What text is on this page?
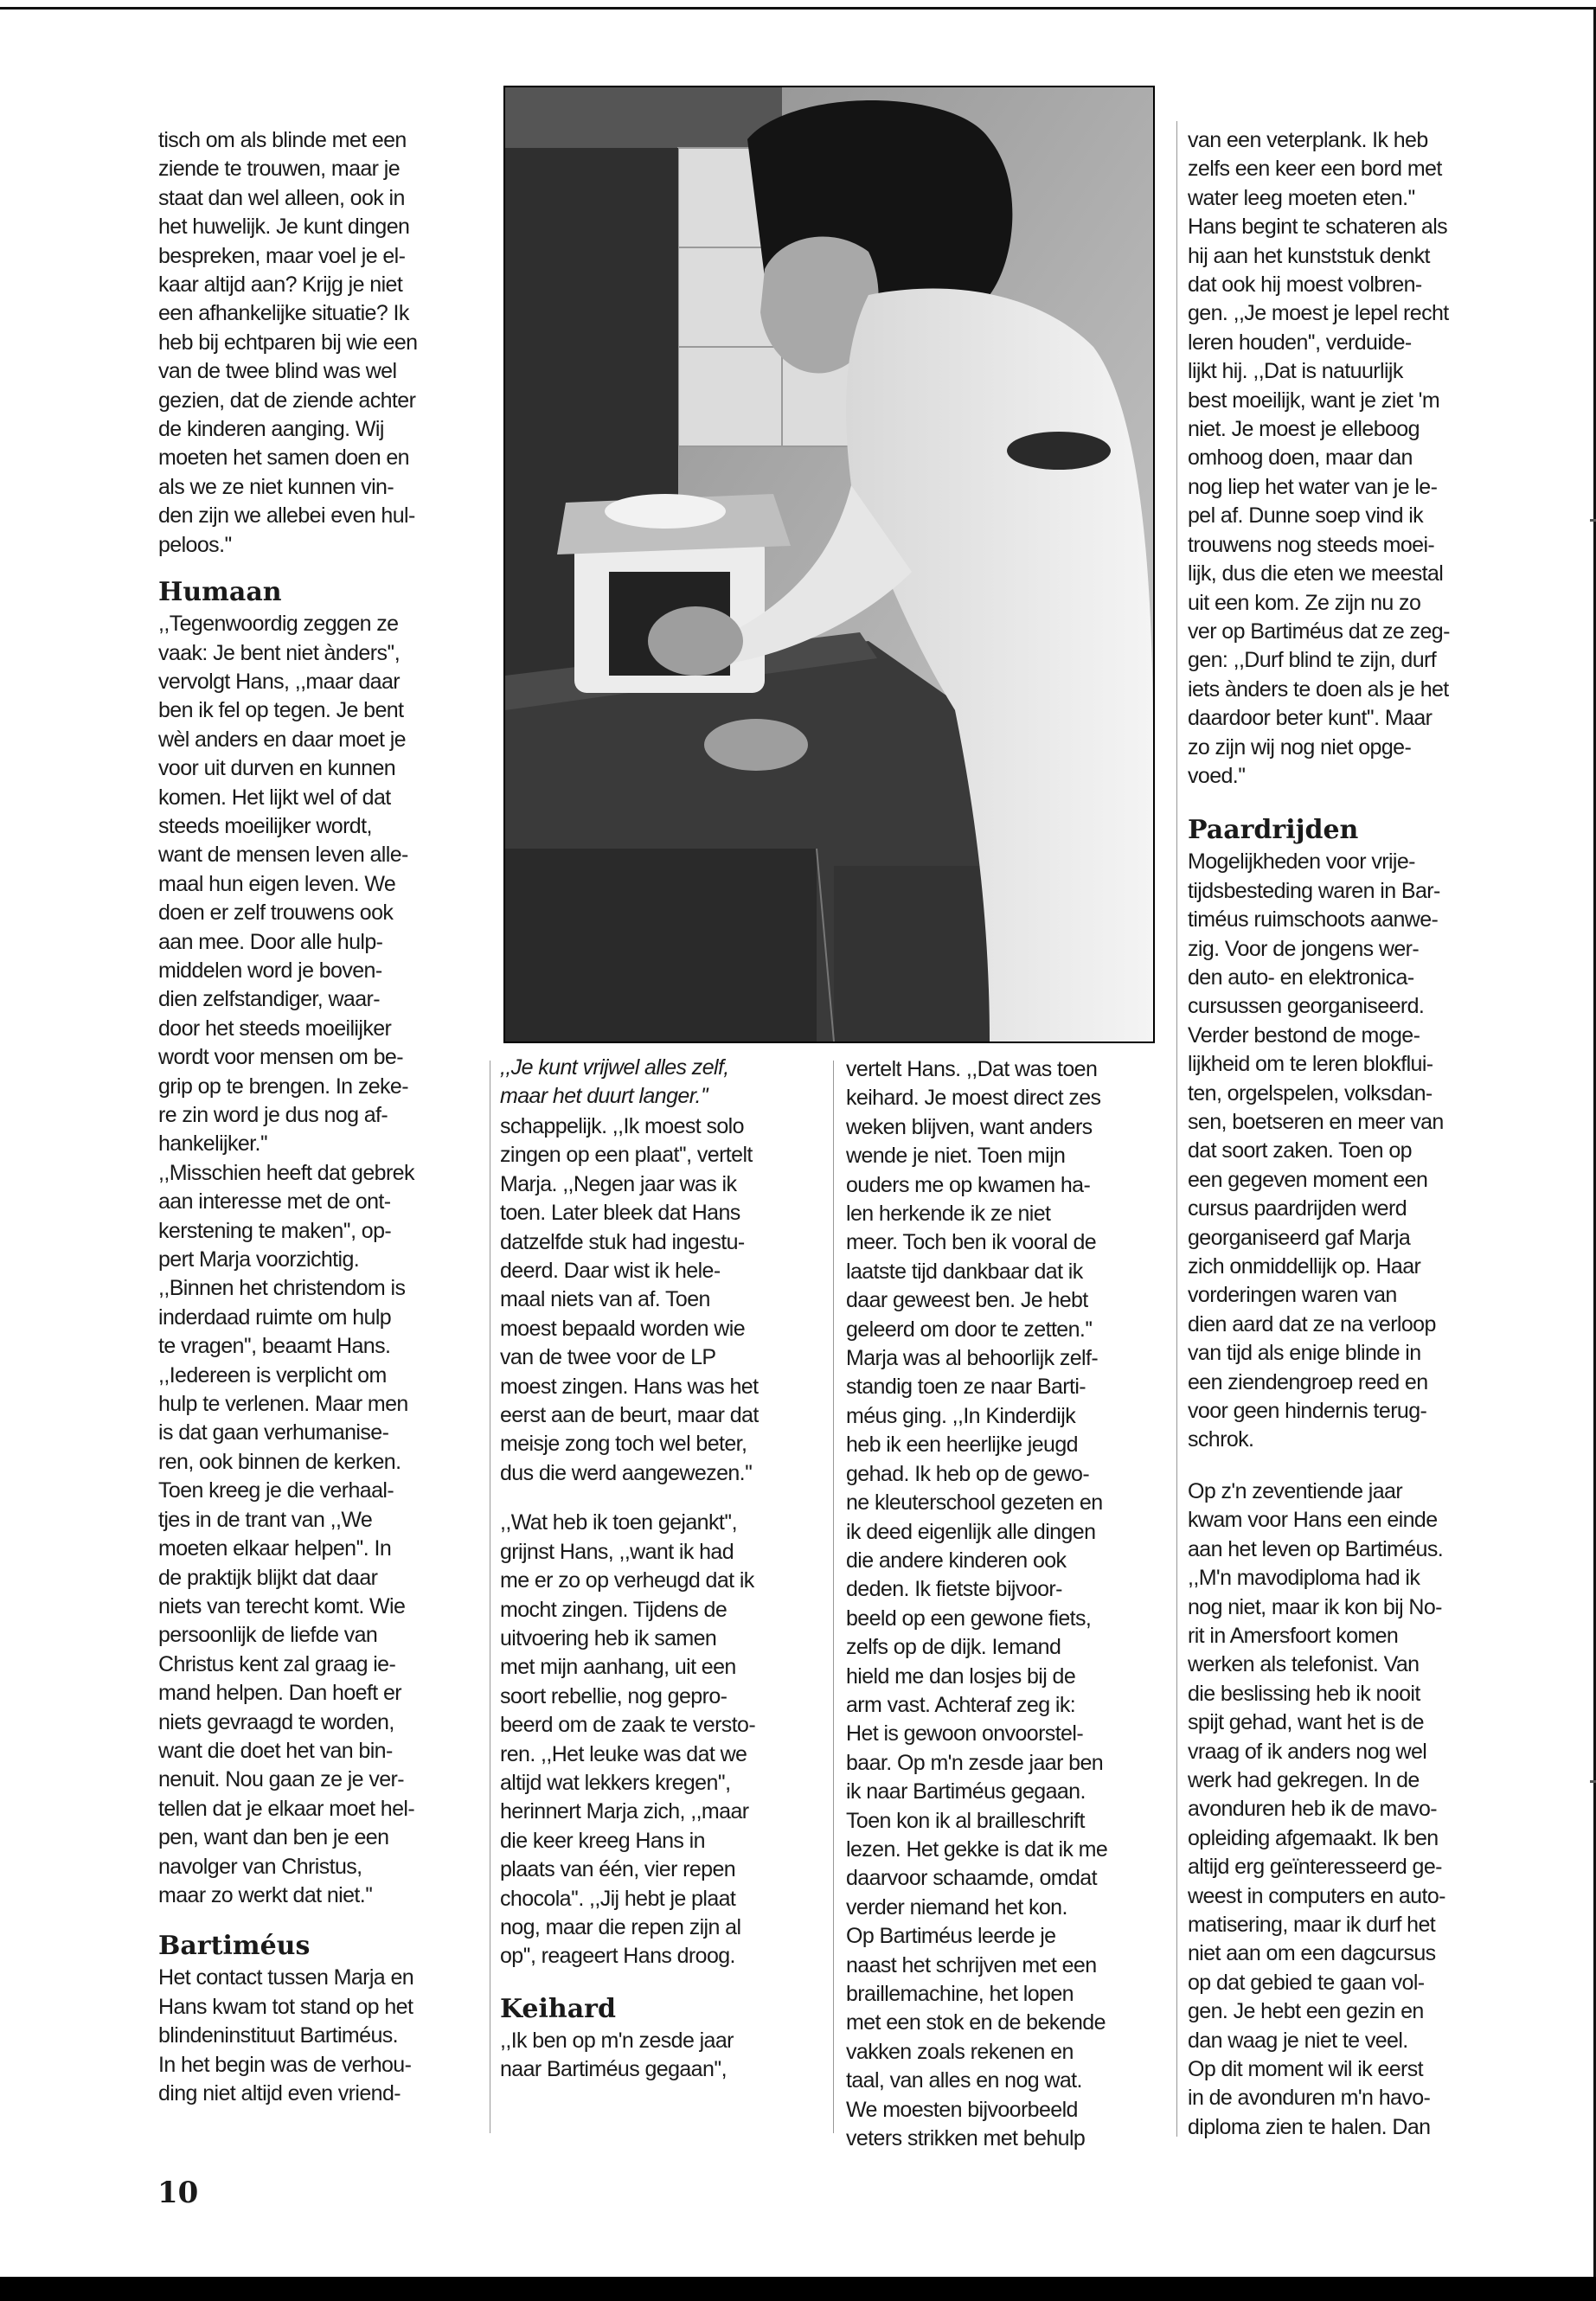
tisch om als blinde met een
ziende te trouwen, maar je
staat dan wel alleen, ook in
het huwelijk. Je kunt dingen
bespreken, maar voel je el-
kaar altijd aan? Krijg je niet
een afhankelijke situatie? Ik
heb bij echtparen bij wie een
van de twee blind was wel
gezien, dat de ziende achter
de kinderen aanging. Wij
moeten het samen doen en
als we ze niet kunnen vin-
den zijn we allebei even hul-
peloos.''

Humaan

,,Tegenwoordig zeggen ze
vaak: Je bent niet ànders'',
vervolgt Hans, ,,maar daar
ben ik fel op tegen. Je bent
wèl anders en daar moet je
voor uit durven en kunnen
komen. Het lijkt wel of dat
steeds moeilijker wordt,
want de mensen leven alle-
maal hun eigen leven. We
doen er zelf trouwens ook
aan mee. Door alle hulp-
middelen word je boven-
dien zelfstandiger, waar-
door het steeds moeilijker
wordt voor mensen om be-
grip op te brengen. In zeke-
re zin word je dus nog af-
hankelijker.''
,,Misschien heeft dat gebrek
aan interesse met de ont-
kerstening te maken'', op-
pert Marja voorzichtig.
,,Binnen het christendom is
inderdaad ruimte om hulp
te vragen'', beaamt Hans.
,,Iedereen is verplicht om
hulp te verlenen. Maar men
is dat gaan verhumanise-
ren, ook binnen de kerken.
Toen kreeg je die verhaal-
tjes in de trant van ,,We
moeten elkaar helpen''. In
de praktijk blijkt dat daar
niets van terecht komt. Wie
persoonlijk de liefde van
Christus kent zal graag ie-
mand helpen. Dan hoeft er
niets gevraagd te worden,
want die doet het van bin-
nenuit. Nou gaan ze je ver-
tellen dat je elkaar moet hel-
pen, want dan ben je een
navolger van Christus,
maar zo werkt dat niet.''

Bartiméus

Het contact tussen Marja en
Hans kwam tot stand op het
blindeninstituut Bartiméus.
In het begin was de verhou-
ding niet altijd even vriend-

,,Je kunt vrijwel alles zelf,
maar het duurt langer.''

schappelijk. ,,Ik moest solo
zingen op een plaat'', vertelt
Marja. ,,Negen jaar was ik
toen. Later bleek dat Hans
datzelfde stuk had ingestu-
deerd. Daar wist ik hele-
maal niets van af. Toen
moest bepaald worden wie
van de twee voor de LP
moest zingen. Hans was het
eerst aan de beurt, maar dat
meisje zong toch wel beter,
dus die werd aangewezen.''

,,Wat heb ik toen gejankt'',
grijnst Hans, ,,want ik had
me er zo op verheugd dat ik
mocht zingen. Tijdens de
uitvoering heb ik samen
met mijn aanhang, uit een
soort rebellie, nog gepro-
beerd om de zaak te versto-
ren. ,,Het leuke was dat we
altijd wat lekkers kregen'',
herinnert Marja zich, ,,maar
die keer kreeg Hans in
plaats van één, vier repen
chocola''. ,,Jij hebt je plaat
nog, maar die repen zijn al
op'', reageert Hans droog.

Keihard

,,Ik ben op m'n zesde jaar
naar Bartiméus gegaan'',

vertelt Hans. ,,Dat was toen
keihard. Je moest direct zes
weken blijven, want anders
wende je niet. Toen mijn
ouders me op kwamen ha-
len herkende ik ze niet
meer. Toch ben ik vooral de
laatste tijd dankbaar dat ik
daar geweest ben. Je hebt
geleerd om door te zetten.''
Marja was al behoorlijk zelf-
standig toen ze naar Barti-
méus ging. ,,In Kinderdijk
heb ik een heerlijke jeugd
gehad. Ik heb op de gewo-
ne kleuterschool gezeten en
ik deed eigenlijk alle dingen
die andere kinderen ook
deden. Ik fietste bijvoor-
beeld op een gewone fiets,
zelfs op de dijk. Iemand
hield me dan losjes bij de
arm vast. Achteraf zeg ik:
Het is gewoon onvoorstel-
baar. Op m'n zesde jaar ben
ik naar Bartiméus gegaan.
Toen kon ik al brailleschrift
lezen. Het gekke is dat ik me
daarvoor schaamde, omdat
verder niemand het kon.
Op Bartiméus leerde je
naast het schrijven met een
braillemachine, het lopen
met een stok en de bekende
vakken zoals rekenen en
taal, van alles en nog wat.
We moesten bijvoorbeeld
veters strikken met behulp

van een veterplank. Ik heb
zelfs een keer een bord met
water leeg moeten eten.''
Hans begint te schateren als
hij aan het kunststuk denkt
dat ook hij moest volbren-
gen. ,,Je moest je lepel recht
leren houden'', verduide-
lijkt hij. ,,Dat is natuurlijk
best moeilijk, want je ziet 'm
niet. Je moest je elleboog
omhoog doen, maar dan
nog liep het water van je le-
pel af. Dunne soep vind ik
trouwens nog steeds moei-
lijk, dus die eten we meestal
uit een kom. Ze zijn nu zo
ver op Bartiméus dat ze zeg-
gen: ,,Durf blind te zijn, durf
iets ànders te doen als je het
daardoor beter kunt''. Maar
zo zijn wij nog niet opge-
voed.''

Paardrijden

Mogelijkheden voor vrije-
tijdsbesteding waren in Bar-
timéus ruimschoots aanwe-
zig. Voor de jongens wer-
den auto- en elektronica-
cursussen georganiseerd.
Verder bestond de moge-
lijkheid om te leren blokflui-
ten, orgelspelen, volksdan-
sen, boetseren en meer van
dat soort zaken. Toen op
een gegeven moment een
cursus paardrijden werd
georganiseerd gaf Marja
zich onmiddellijk op. Haar
vorderingen waren van
dien aard dat ze na verloop
van tijd als enige blinde in
een ziendengroep reed en
voor geen hindernis terug-
schrok.

Op z'n zeventiende jaar
kwam voor Hans een einde
aan het leven op Bartiméus.
,,M'n mavodiploma had ik
nog niet, maar ik kon bij No-
rit in Amersfoort komen
werken als telefonist. Van
die beslissing heb ik nooit
spijt gehad, want het is de
vraag of ik anders nog wel
werk had gekregen. In de
avonduren heb ik de mavo-
opleiding afgemaakt. Ik ben
altijd erg geïnteresseerd ge-
weest in computers en auto-
matisering, maar ik durf het
niet aan om een dagcursus
op dat gebied te gaan vol-
gen. Je hebt een gezin en
dan waag je niet te veel.
Op dit moment wil ik eerst
in de avonduren m'n havo-
diploma zien te halen. Dan

10
